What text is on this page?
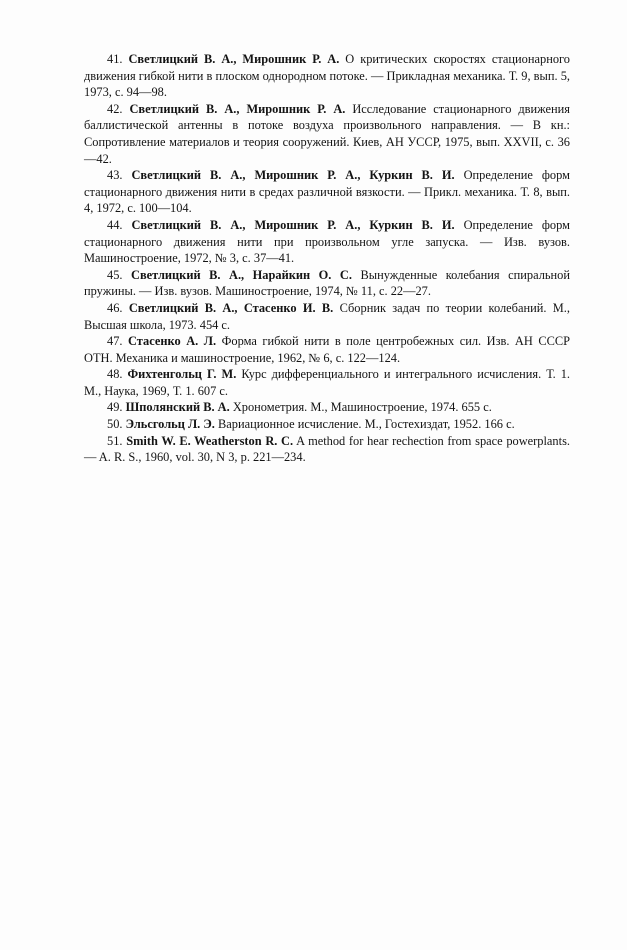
41. Светлицкий В. А., Мирошник Р. А. О критических скоростях стационарного движения гибкой нити в плоском однородном потоке. — Прикладная механика. Т. 9, вып. 5, 1973, с. 94—98.

42. Светлицкий В. А., Мирошник Р. А. Исследование стационарного движения баллистической антенны в потоке воздуха произвольного направления. — В кн.: Сопротивление материалов и теория сооружений. Киев, АН УССР, 1975, вып. XXVII, с. 36—42.

43. Светлицкий В. А., Мирошник Р. А., Куркин В. И. Определение форм стационарного движения нити в средах различной вязкости. — Прикл. механика. Т. 8, вып. 4, 1972, с. 100—104.

44. Светлицкий В. А., Мирошник Р. А., Куркин В. И. Определение форм стационарного движения нити при произвольном угле запуска. — Изв. вузов. Машиностроение, 1972, № 3, с. 37—41.

45. Светлицкий В. А., Нарайкин О. С. Вынужденные колебания спиральной пружины. — Изв. вузов. Машиностроение, 1974, № 11, с. 22—27.

46. Светлицкий В. А., Стасенко И. В. Сборник задач по теории колебаний. М., Высшая школа, 1973. 454 с.

47. Стасенко А. Л. Форма гибкой нити в поле центробежных сил. Изв. АН СССР ОТН. Механика и машиностроение, 1962, № 6, с. 122—124.

48. Фихтенгольц Г. М. Курс дифференциального и интегрального исчисления. Т. 1. М., Наука, 1969, Т. 1. 607 с.

49. Шполянский В. А. Хронометрия. М., Машиностроение, 1974. 655 с.

50. Эльсгольц Л. Э. Вариационное исчисление. М., Гостехиздат, 1952. 166 с.

51. Smith W. E. Weatherston R. C. A method for hear rechection from space powerplants. — A. R. S., 1960, vol. 30, N 3, p. 221—234.
